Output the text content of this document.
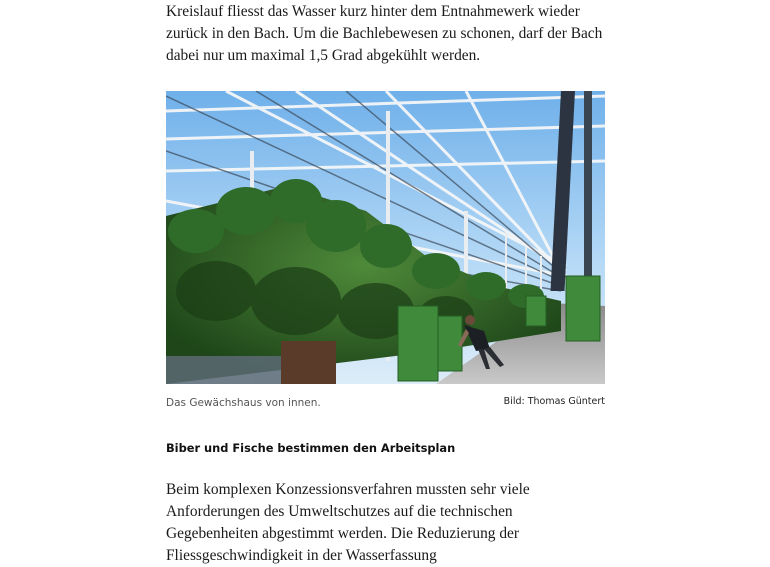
Kreislauf fliesst das Wasser kurz hinter dem Entnahmewerk wieder zurück in den Bach. Um die Bachlebewesen zu schonen, darf der Bach dabei nur um maximal 1,5 Grad abgekühlt werden.

Das Gewächshaus von innen.	Bild: Thomas Güntert
Biber und Fische bestimmen den Arbeitsplan

Beim komplexen Konzessionsverfahren mussten sehr viele Anforderungen des Umweltschutzes auf die technischen Gegebenheiten abgestimmt werden. Die Reduzierung der Fliessgeschwindigkeit in der Wasserfassung
